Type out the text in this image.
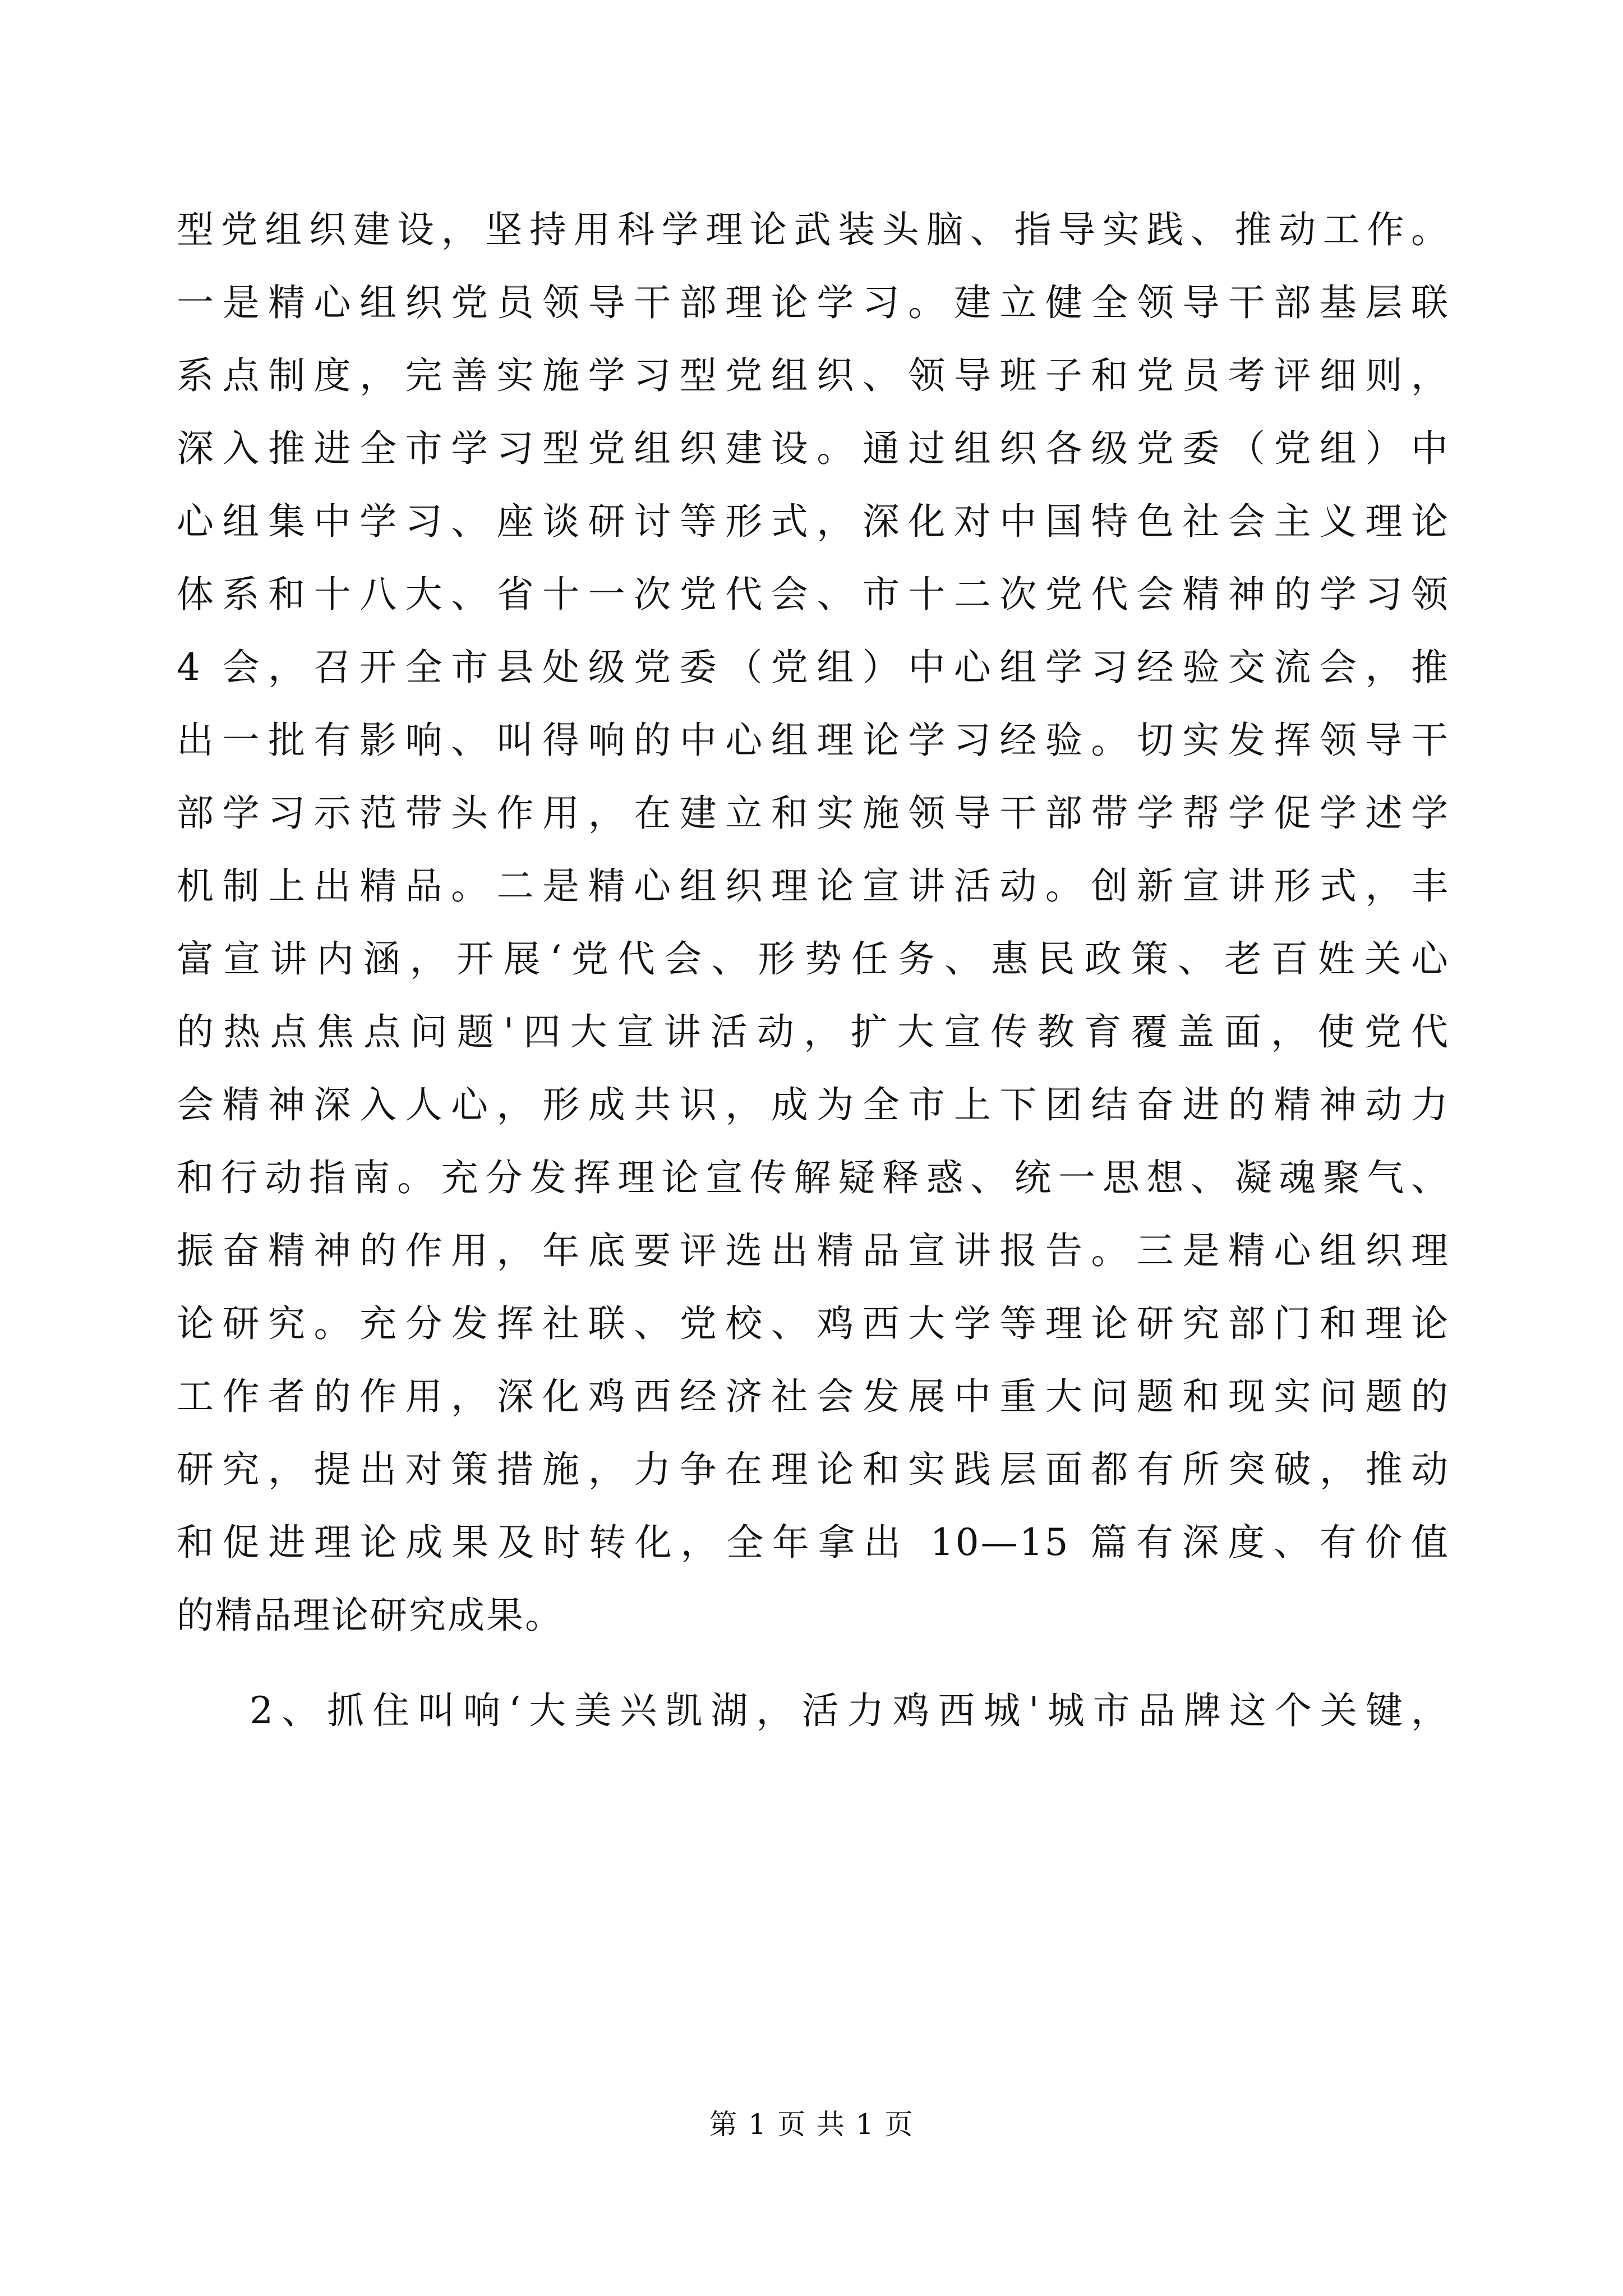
型党组织建设，坚持用科学理论武装头脑、指导实践、推动工作。
一是精心组织党员领导干部理论学习。建立健全领导干部基层联
系点制度，完善实施学习型党组织、领导班子和党员考评细则，
深入推进全市学习型党组织建设。通过组织各级党委（党组）中
心组集中学习、座谈研讨等形式，深化对中国特色社会主义理论
体系和十八大、省十一次党代会、市十二次党代会精神的学习领
4 会，召开全市县处级党委（党组）中心组学习经验交流会，推
出一批有影响、叫得响的中心组理论学习经验。切实发挥领导干
部学习示范带头作用，在建立和实施领导干部带学帮学促学述学
机制上出精品。二是精心组织理论宣讲活动。创新宣讲形式，丰
富宣讲内涵，开展‘党代会、形势任务、惠民政策、老百姓关心
的热点焦点问题'四大宣讲活动，扩大宣传教育覆盖面，使党代
会精神深入人心，形成共识，成为全市上下团结奋进的精神动力
和行动指南。充分发挥理论宣传解疑释惑、统一思想、凝魂聚气、
振奋精神的作用，年底要评选出精品宣讲报告。三是精心组织理
论研究。充分发挥社联、党校、鸡西大学等理论研究部门和理论
工作者的作用，深化鸡西经济社会发展中重大问题和现实问题的
研究，提出对策措施，力争在理论和实践层面都有所突破，推动
和促进理论成果及时转化，全年拿出 10—15 篇有深度、有价值
的精品理论研究成果。
2、抓住叫响‘大美兴凯湖，活力鸡西城'城市品牌这个关键，
第 1 页 共 1 页
